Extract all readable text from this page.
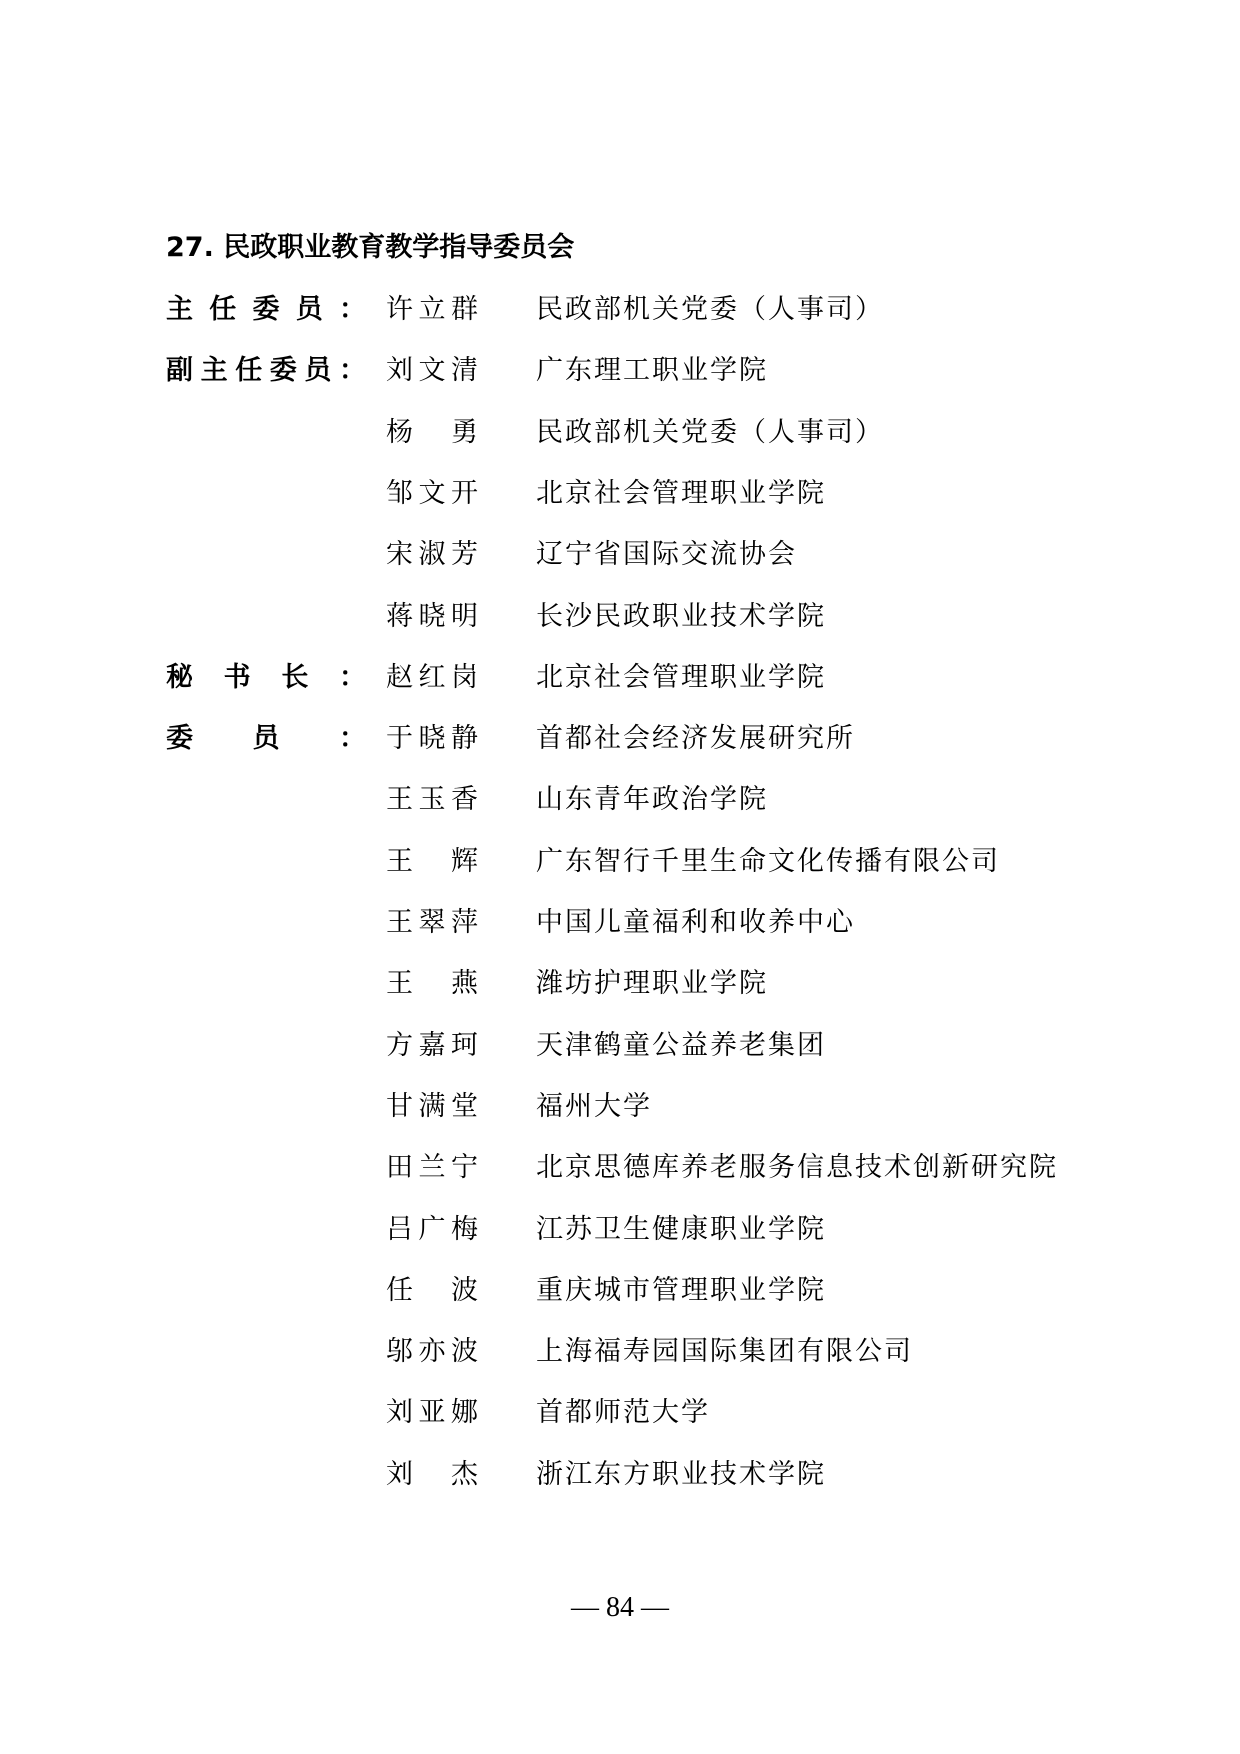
27. 民政职业教育教学指导委员会
主 任 委 员 ： 许 立 群 民政部机关党委（人事司）
副 主 任 委 员 ： 刘 文 清 广东理工职业学院
杨 勇 民政部机关党委（人事司）
邹 文 开 北京社会管理职业学院
宋 淑 芳 辽宁省国际交流协会
蒋 晓 明 长沙民政职业技术学院
秘 书 长 ： 赵 红 岗 北京社会管理职业学院
委 员 ： 于 晓 静 首都社会经济发展研究所
王 玉 香 山东青年政治学院
王 辉 广东智行千里生命文化传播有限公司
王 翠 萍 中国儿童福利和收养中心
王 燕 潍坊护理职业学院
方 嘉 珂 天津鹤童公益养老集团
甘 满 堂 福州大学
田 兰 宁 北京思德库养老服务信息技术创新研究院
吕 广 梅 江苏卫生健康职业学院
任 波 重庆城市管理职业学院
邬 亦 波 上海福寿园国际集团有限公司
刘 亚 娜 首都师范大学
刘 杰 浙江东方职业技术学院
— 84 —
